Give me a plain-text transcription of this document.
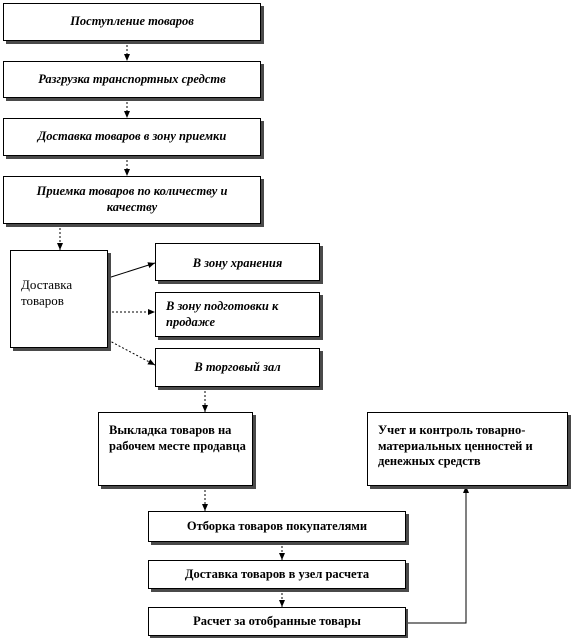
Поступление товаров
Разгрузка транспортных средств
Доставка товаров в зону приемки
Приемка товаров по количеству и качеству
Доставка товаров
В зону хранения
В зону подготовки к продаже
В торговый зал
Выкладка товаров на рабочем месте продавца
Учет и контроль товарно-материальных ценностей и денежных средств
Отборка товаров покупателями
Доставка товаров в узел расчета
Расчет за отобранные товары
